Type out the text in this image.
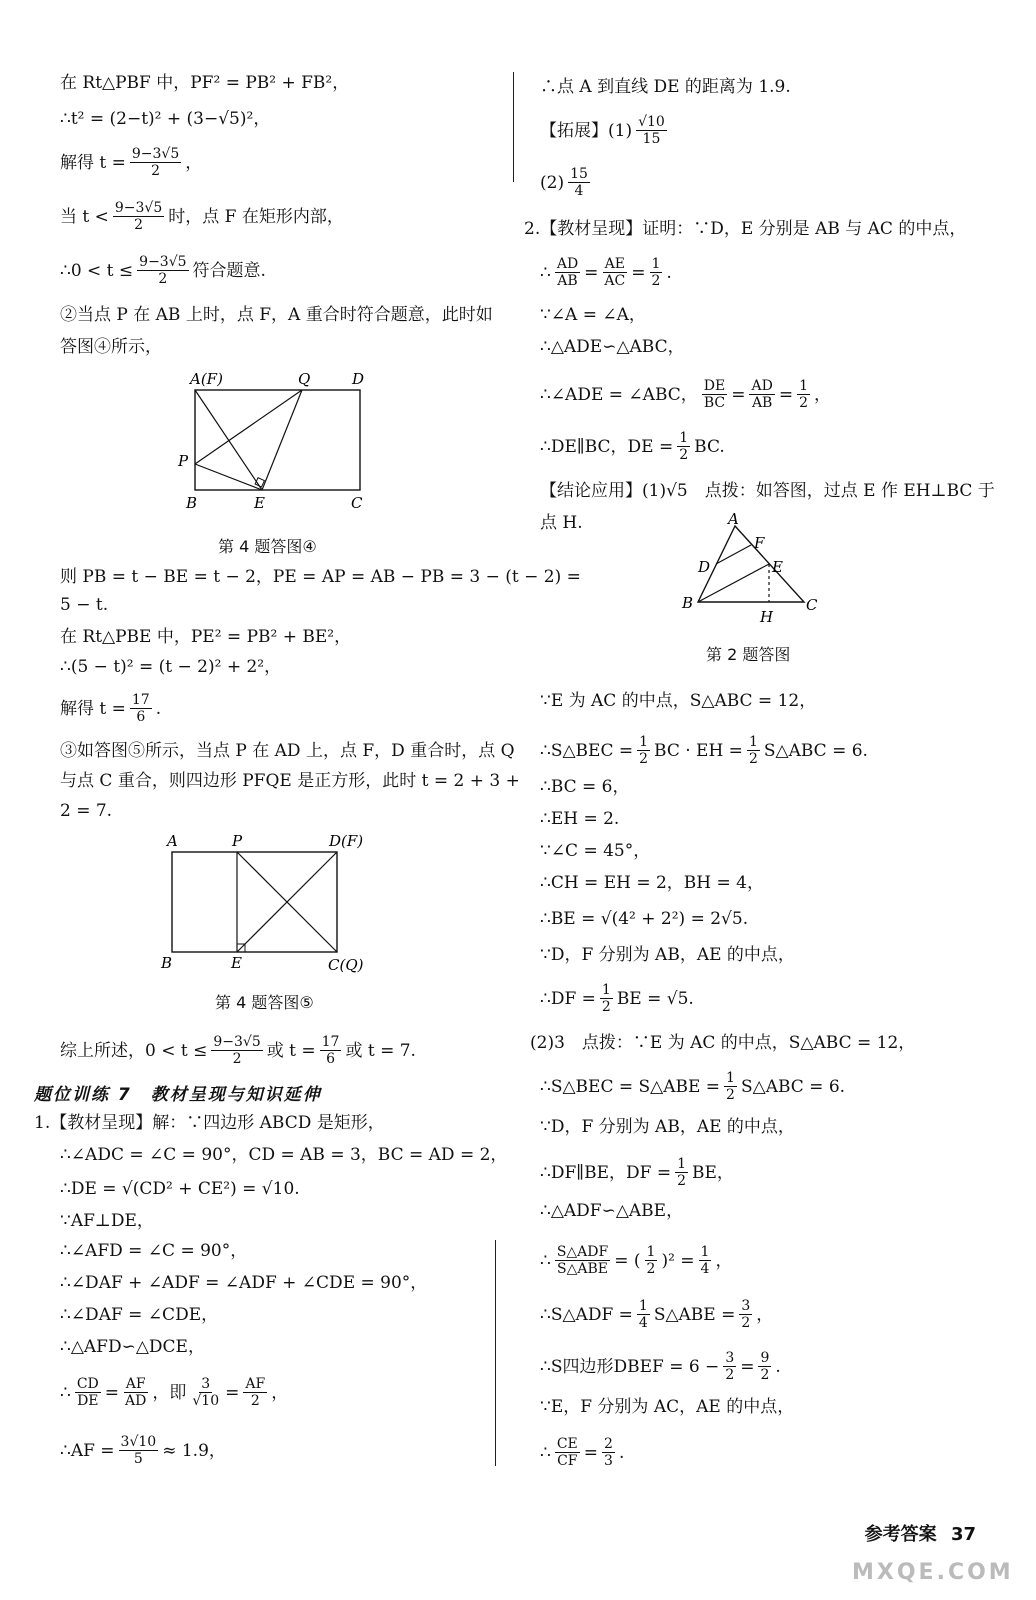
在 Rt△PBF 中，PF² = PB² + FB²，
∴t² = (2−t)² + (3−√5)²，
解得 $t = \frac{9-3√5}{2}$ ，
当 $t < \frac{9-3√5}{2}$ 时，点 F 在矩形内部，
∴0 < $t \le \frac{9-3√5}{2}$ 符合题意.
②当点 P 在 AB 上时，点 F，A 重合时符合题意，此时如
答图④所示，
A(F)	Q	D
P
B	E	C
第 4 题答图④
则 PB = t − BE = t − 2，PE = AP = AB − PB = 3 − (t − 2) =
5 − t.
在 Rt△PBE 中，PE² = PB² + BE²，
∴(5 − t)² = (t − 2)² + 2²，
解得 $t = \frac{17}{6}$ .
③如答图⑤所示，当点 P 在 AD 上，点 F，D 重合时，点 Q
与点 C 重合，则四边形 PFQE 是正方形，此时 t = 2 + 3 +
2 = 7.
A	P	D(F)
B	E	C(Q)
第 4 题答图⑤
综上所述，$0 < t \le \frac{9-3√5}{2}$ 或 $t = \frac{17}{6}$ 或 t = 7.
题位训练 7　教材呈现与知识延伸
1.【教材呈现】解：∵四边形 ABCD 是矩形，
∴∠ADC = ∠C = 90°，CD = AB = 3，BC = AD = 2，
∴DE = √(CD² + CE²) = √10.
∵AF⊥DE，
∴∠AFD = ∠C = 90°，
∴∠DAF + ∠ADF = ∠ADF + ∠CDE = 90°，
∴∠DAF = ∠CDE，
∴△AFD∽△DCE，
∴ $\frac{CD}{DE} = \frac{AF}{AD}$ ，即 $\frac{3}{√10} = \frac{AF}{2}$ ，
∴AF = $\frac{3√10}{5} \approx 1.9$，
∴点 A 到直线 DE 的距离为 1.9.
【拓展】$(1) \frac{√10}{15}$
$(2) \frac{15}{4}$
2.【教材呈现】证明：∵D，E 分别是 AB 与 AC 的中点，
∴ $\frac{AD}{AB} = \frac{AE}{AC} = \frac{1}{2}$ .
∵∠A = ∠A，
∴△ADE∽△ABC，
∴∠ADE = ∠ABC， $\frac{DE}{BC} = \frac{AD}{AB} = \frac{1}{2}$ ，
∴DE∥BC，DE = $\frac{1}{2}$ BC.
【结论应用】(1)√5　点拨：如答图，过点 E 作 EH⊥BC 于
点 H.	A
F
D	E
B
H
C
第 2 题答图
∵E 为 AC 的中点，S△ABC = 12，
∴S△BEC = $\frac{1}{2}$ BC · EH = $\frac{1}{2}$ S△ABC = 6.
∴BC = 6，
∴EH = 2.
∵∠C = 45°，
∴CH = EH = 2，BH = 4，
∴BE = √(4² + 2²) = 2√5.
∵D，F 分别为 AB，AE 的中点，
∴DF = $\frac{1}{2}$ BE = √5.
(2)3　点拨：∵E 为 AC 的中点，S△ABC = 12，
∴S△BEC = S△ABE = $\frac{1}{2}$ S△ABC = 6.
∵D，F 分别为 AB，AE 的中点，
∴DF∥BE，DF = $\frac{1}{2}$ BE，
∴△ADF∽△ABE，
∴ $\frac{\text{S△ADF}}{\text{S△ABE}}$ = ( $\frac{1}{2} )^2 = \frac{1}{4}$ ，
∴S△ADF = $\frac{1}{4}$ S△ABE = $\frac{3}{2}$ ，
∴S四边形DBEF = $6 - \frac{3}{2} = \frac{9}{2}$ .
∵E，F 分别为 AC，AE 的中点，
∴ $\frac{CE}{CF} = \frac{2}{3}$ .
参考答案 37
MXQE.COM
